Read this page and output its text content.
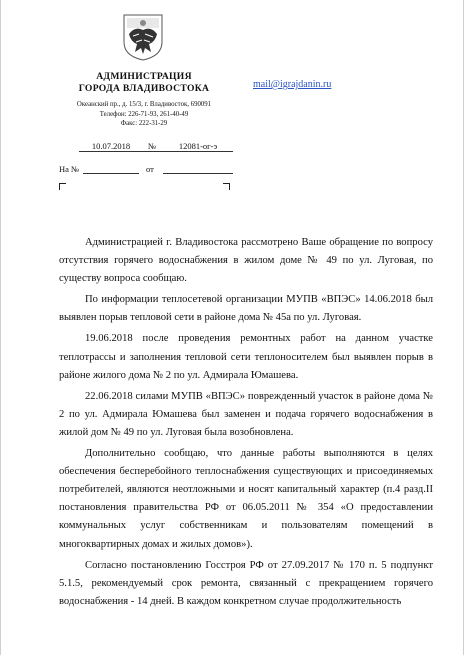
АДМИНИСТРАЦИЯ
ГОРОДА ВЛАДИВОСТОКА
Океанский пр., д. 15/3, г. Владивосток, 690091
Телефон: 226-71-93, 261-40-49
Факс: 222-31-29
mail@igrajdanin.ru
10.07.2018	№	12081-ог-э
На №	от

Администрацией г. Владивостока рассмотрено Ваше обращение по вопросу отсутствия горячего водоснабжения в жилом доме № 49 по ул. Луговая, по существу вопроса сообщаю.

По информации теплосетевой организации МУПВ «ВПЭС» 14.06.2018 был выявлен порыв тепловой сети в районе дома № 45а по ул. Луговая.

19.06.2018 после проведения ремонтных работ на данном участке теплотрассы и заполнения тепловой сети теплоносителем был выявлен порыв в районе жилого дома № 2 по ул. Адмирала Юмашева.

22.06.2018 силами МУПВ «ВПЭС» поврежденный участок в районе дома № 2 по ул. Адмирала Юмашева был заменен и подача горячего водоснабжения в жилой дом № 49 по ул. Луговая была возобновлена.

Дополнительно сообщаю, что данные работы выполняются в целях обеспечения бесперебойного теплоснабжения существующих и присоединяемых потребителей, являются неотложными и носят капитальный характер (п.4 разд.II постановления правительства РФ от 06.05.2011 № 354 «О предоставлении коммунальных услуг собственникам и пользователям помещений в многоквартирных домах и жилых домов»).

Согласно постановлению Госстроя РФ от 27.09.2017 № 170 п. 5 подпункт 5.1.5, рекомендуемый срок ремонта, связанный с прекращением горячего водоснабжения - 14 дней. В каждом конкретном случае продолжительность
